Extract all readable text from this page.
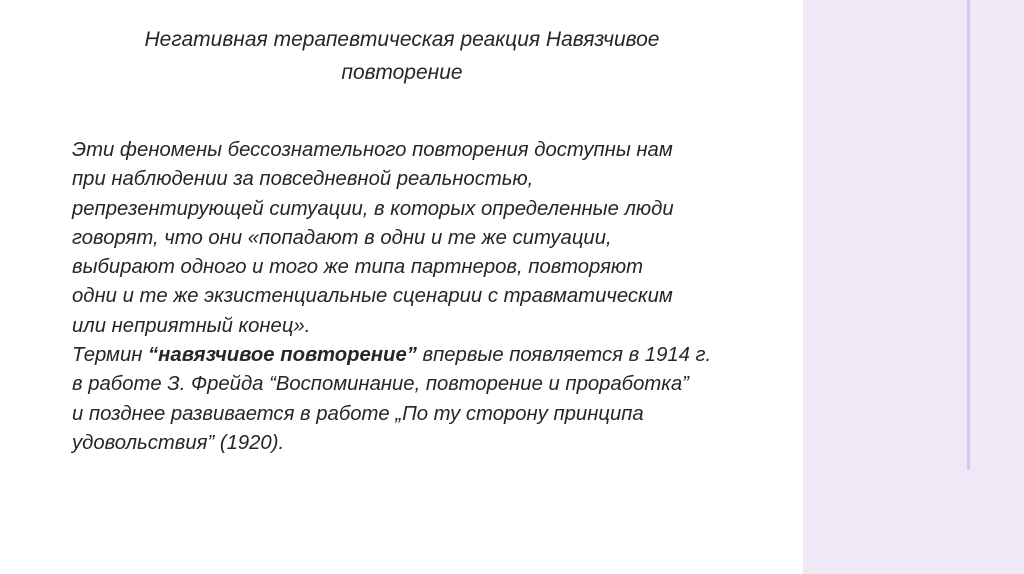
Негативная терапевтическая реакция Навязчивое
повторение

Эти феномены бессознательного повторения доступны нам
при наблюдении за повседневной реальностью,
репрезентирующей ситуации, в которых определенные люди
говорят, что они «попадают в одни и те же ситуации,
выбирают одного и того же типа партнеров, повторяют
одни и те же экзистенциальные сценарии с травматическим
или неприятный конец».

Термин “навязчивое повторение” впервые появляется в 1914 г.
в работе З. Фрейда “Воспоминание, повторение и проработка”
и позднее развивается в работе „По ту сторону принципа
удовольствия” (1920).
